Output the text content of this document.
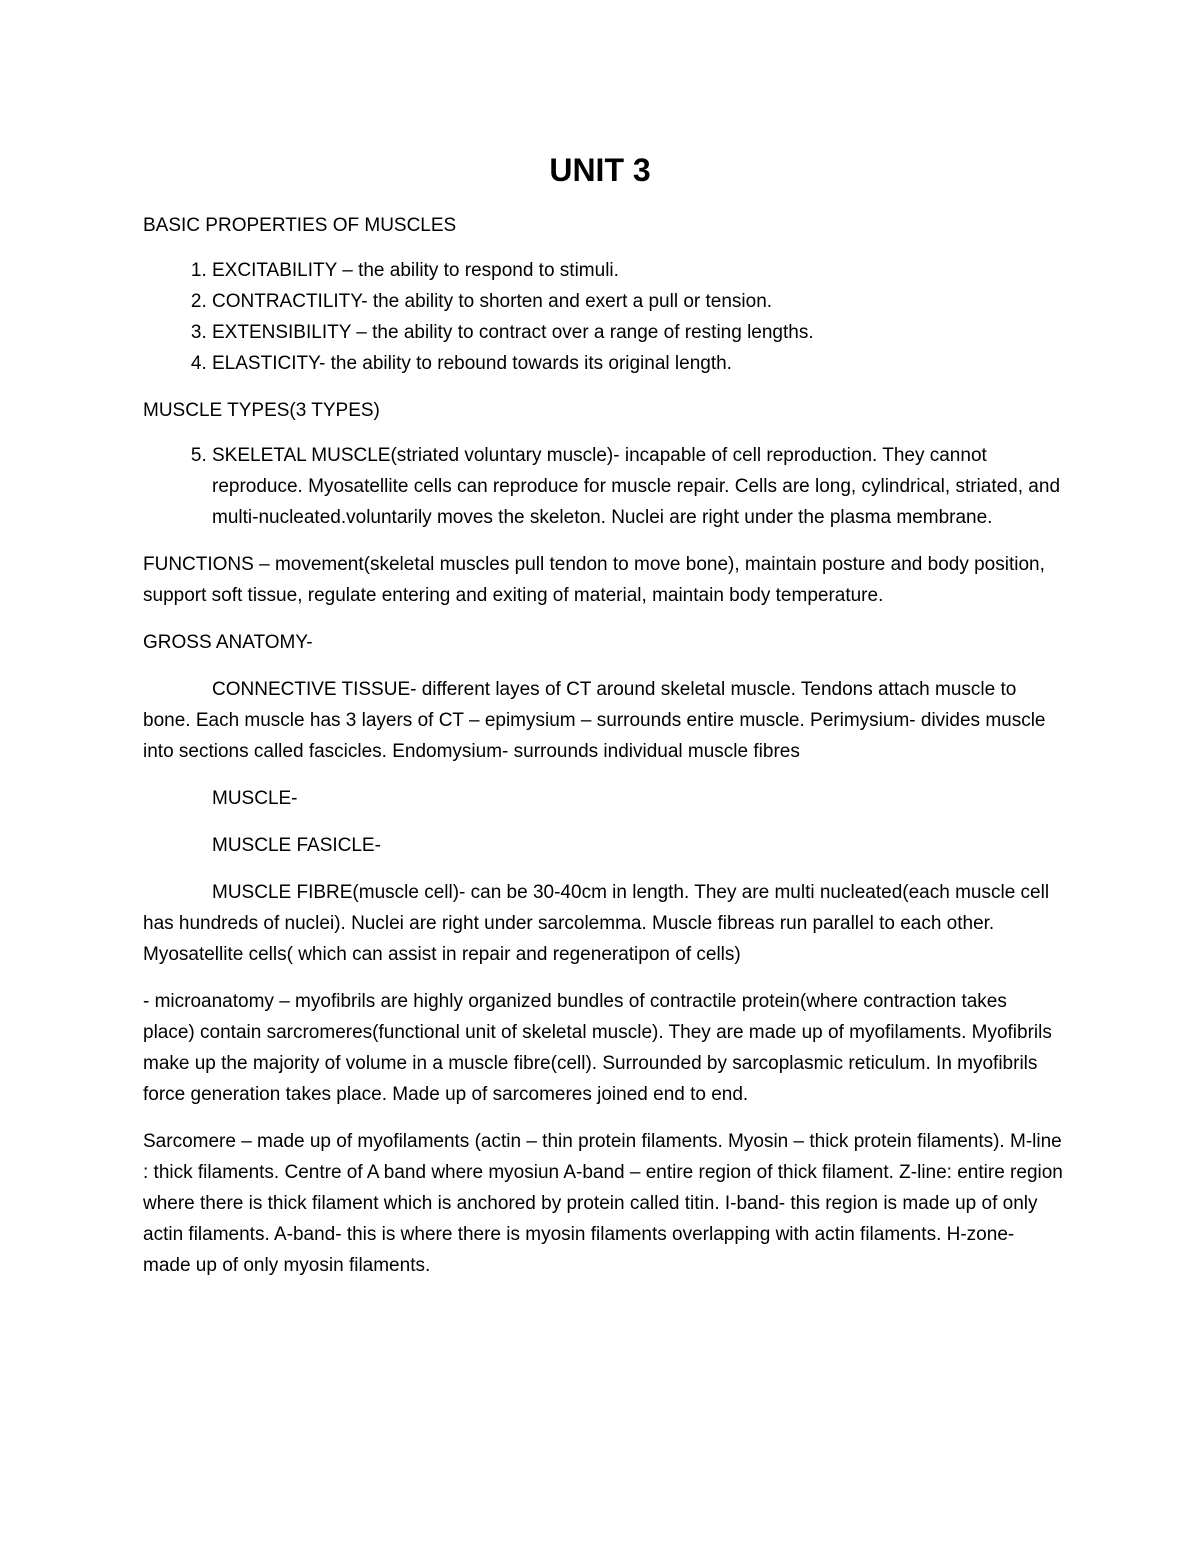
UNIT 3

BASIC PROPERTIES OF MUSCLES

1. EXCITABILITY – the ability to respond to stimuli.
2. CONTRACTILITY- the ability to shorten and exert a pull or tension.
3. EXTENSIBILITY – the ability to contract over a range of resting lengths.
4. ELASTICITY- the ability to rebound towards its original length.

MUSCLE TYPES(3 TYPES)

5. SKELETAL MUSCLE(striated voluntary muscle)- incapable of cell reproduction. They cannot reproduce. Myosatellite cells can reproduce for muscle repair. Cells are long, cylindrical, striated, and multi-nucleated.voluntarily moves the skeleton. Nuclei are right under the plasma membrane.

FUNCTIONS – movement(skeletal muscles pull tendon to move bone), maintain posture and body position, support soft tissue, regulate entering and exiting of material, maintain body temperature.

GROSS ANATOMY-

CONNECTIVE TISSUE- different layes of CT around skeletal muscle. Tendons attach muscle to bone. Each muscle has 3 layers of CT – epimysium – surrounds entire muscle. Perimysium- divides muscle into sections called fascicles. Endomysium- surrounds individual muscle fibres

MUSCLE-

MUSCLE FASICLE-

MUSCLE FIBRE(muscle cell)- can be 30-40cm in length. They are multi nucleated(each muscle cell has hundreds of nuclei). Nuclei are right under sarcolemma. Muscle fibreas run parallel to each other. Myosatellite cells( which can assist in repair and regeneratipon of cells)

- microanatomy – myofibrils are highly organized bundles of contractile protein(where contraction takes place) contain sarcromeres(functional unit of skeletal muscle). They are made up of myofilaments. Myofibrils make up the majority of volume in a muscle fibre(cell). Surrounded by sarcoplasmic reticulum. In myofibrils force generation takes place. Made up of sarcomeres joined end to end.

Sarcomere – made up of myofilaments (actin – thin protein filaments. Myosin – thick protein filaments). M-line : thick filaments. Centre of A band where myosiun A-band – entire region of thick filament. Z-line: entire region where there is thick filament which is anchored by protein called titin. I-band- this region is made up of only actin filaments. A-band- this is where there is myosin filaments overlapping with actin filaments. H-zone- made up of only myosin filaments.
